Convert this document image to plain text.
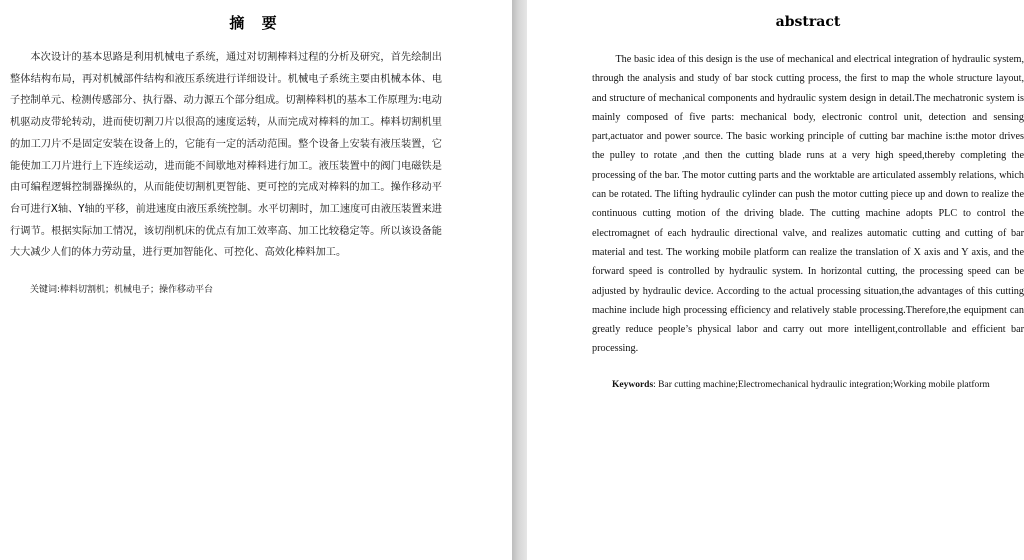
摘 要

本次设计的基本思路是利用机械电子系统，通过对切割棒料过程的分析及研究，首先绘制出整体结构布局，再对机械部件结构和液压系统进行详细设计。机械电子系统主要由机械本体、电子控制单元、检测传感部分、执行器、动力源五个部分组成。切割棒料机的基本工作原理为:电动机驱动皮带轮转动，进而使切割刀片以很高的速度运转，从而完成对棒料的加工。棒料切割机里的加工刀片不是固定安装在设备上的，它能有一定的活动范围。整个设备上安装有液压装置，它能使加工刀片进行上下连续运动，进而能不间歇地对棒料进行加工。液压装置中的阀门电磁铁是由可编程逻辑控制器操纵的，从而能使切割机更智能、更可控的完成对棒料的加工。操作移动平台可进行X轴、Y轴的平移，前进速度由液压系统控制。水平切割时，加工速度可由液压装置来进行调节。根据实际加工情况，该切削机床的优点有加工效率高、加工比较稳定等。所以该设备能大大减少人们的体力劳动量，进行更加智能化、可控化、高效化棒料加工。

关键词:棒料切割机；机械电子；操作移动平台
abstract

The basic idea of this design is the use of mechanical and electrical integration of hydraulic system, through the analysis and study of bar stock cutting process, the first to map the whole structure layout, and structure of mechanical components and hydraulic system design in detail.The mechatronic system is mainly composed of five parts: mechanical body, electronic control unit, detection and sensing part,actuator and power source. The basic working principle of cutting bar machine is:the motor drives the pulley to rotate ,and then the cutting blade runs at a very high speed,thereby completing the processing of the bar. The motor cutting parts and the worktable are articulated assembly relations, which can be rotated. The lifting hydraulic cylinder can push the motor cutting piece up and down to realize the continuous cutting motion of the driving blade. The cutting machine adopts PLC to control the electromagnet of each hydraulic directional valve, and realizes automatic cutting and cutting of bar material and test. The working mobile platform can realize the translation of X axis and Y axis, and the forward speed is controlled by hydraulic system. In horizontal cutting, the processing speed can be adjusted by hydraulic device. According to the actual processing situation,the advantages of this cutting machine include high processing efficiency and relatively stable processing.Therefore,the equipment can greatly reduce people’s physical labor and carry out more intelligent,controllable and efficient bar processing.

Keywords: Bar cutting machine;Electromechanical hydraulic integration;Working mobile platform
